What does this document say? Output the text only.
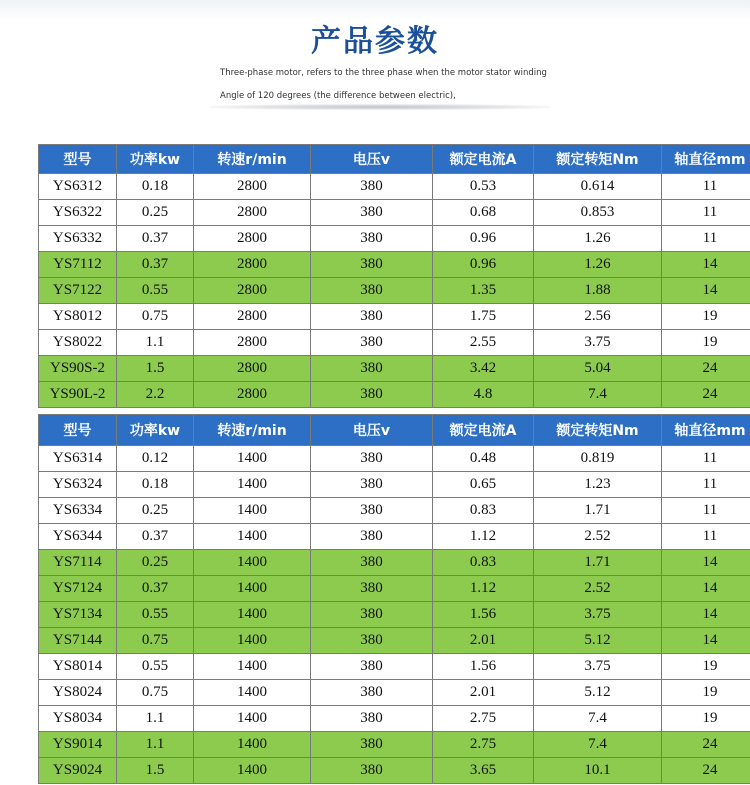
产品参数
Three-phase motor, refers to the three phase when the motor stator winding
Angle of 120 degrees (the difference between electric),
型号	功率kw	转速r/min	电压v	额定电流A	额定转矩Nm	轴直径mm
YS6312	0.18	2800	380	0.53	0.614	11
YS6322	0.25	2800	380	0.68	0.853	11
YS6332	0.37	2800	380	0.96	1.26	11
YS7112	0.37	2800	380	0.96	1.26	14
YS7122	0.55	2800	380	1.35	1.88	14
YS8012	0.75	2800	380	1.75	2.56	19
YS8022	1.1	2800	380	2.55	3.75	19
YS90S-2	1.5	2800	380	3.42	5.04	24
YS90L-2	2.2	2800	380	4.8	7.4	24
型号	功率kw	转速r/min	电压v	额定电流A	额定转矩Nm	轴直径mm
YS6314	0.12	1400	380	0.48	0.819	11
YS6324	0.18	1400	380	0.65	1.23	11
YS6334	0.25	1400	380	0.83	1.71	11
YS6344	0.37	1400	380	1.12	2.52	11
YS7114	0.25	1400	380	0.83	1.71	14
YS7124	0.37	1400	380	1.12	2.52	14
YS7134	0.55	1400	380	1.56	3.75	14
YS7144	0.75	1400	380	2.01	5.12	14
YS8014	0.55	1400	380	1.56	3.75	19
YS8024	0.75	1400	380	2.01	5.12	19
YS8034	1.1	1400	380	2.75	7.4	19
YS9014	1.1	1400	380	2.75	7.4	24
YS9024	1.5	1400	380	3.65	10.1	24
